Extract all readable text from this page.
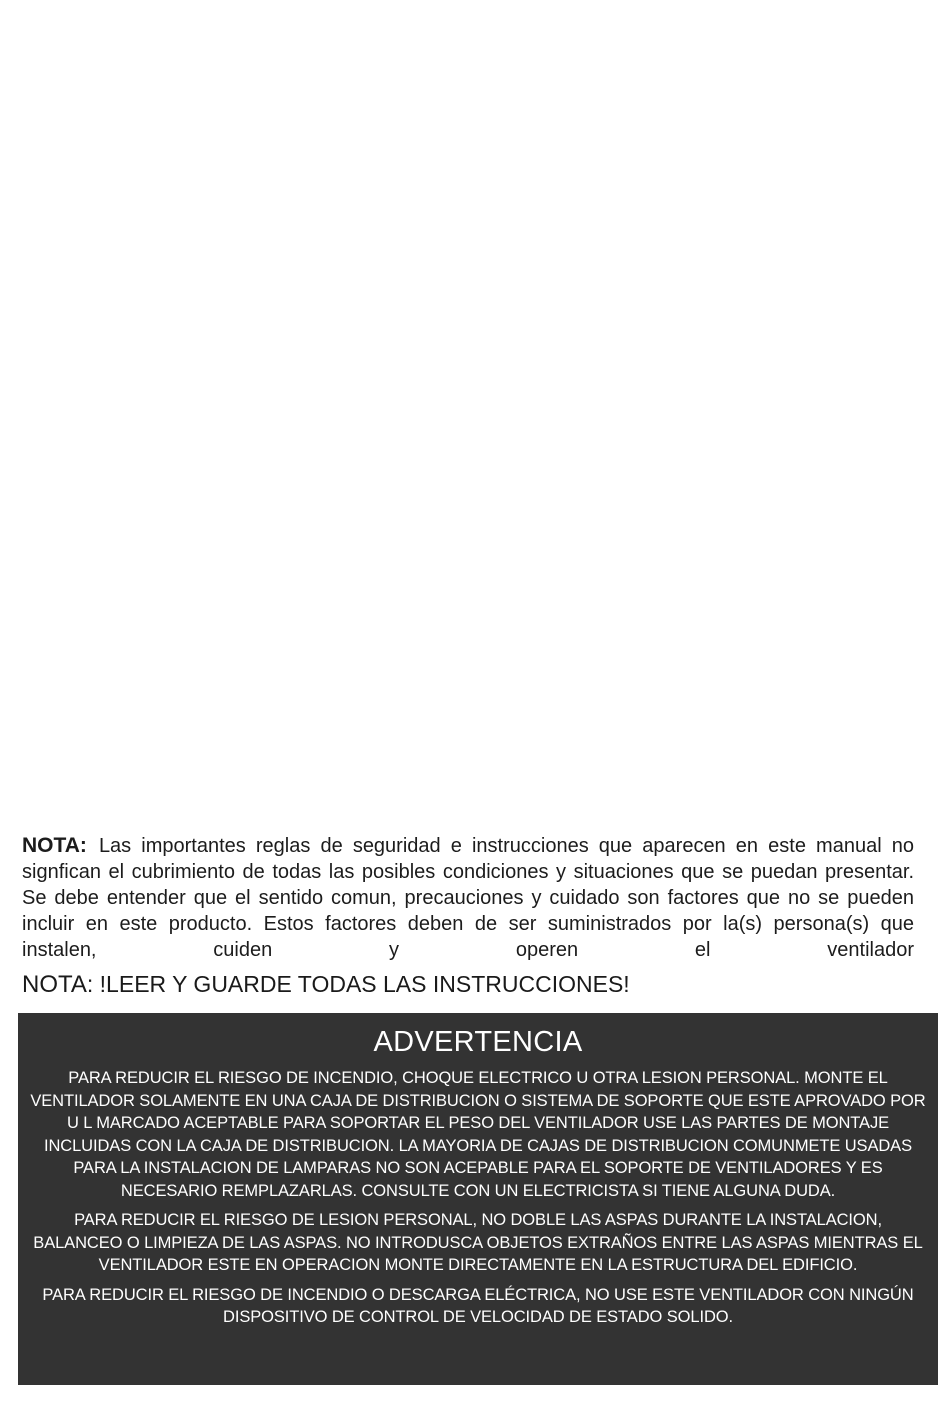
NOTA: Las importantes reglas de seguridad e instrucciones que aparecen en este manual no signfican el cubrimiento de todas las posibles condiciones y situaciones que se puedan presentar. Se debe entender que el sentido comun, precauciones y cuidado son factores que no se pueden incluir en este producto. Estos factores deben de ser suministrados por la(s) persona(s) que instalen, cuiden y operen el ventilador
NOTA: !LEER Y GUARDE TODAS LAS INSTRUCCIONES!
ADVERTENCIA

PARA REDUCIR EL RIESGO DE INCENDIO, CHOQUE ELECTRICO U OTRA LESION PERSONAL. MONTE EL VENTILADOR SOLAMENTE EN UNA CAJA DE DISTRIBUCION O SISTEMA DE SOPORTE QUE ESTE APROVADO POR U L MARCADO ACEPTABLE PARA SOPORTAR EL PESO DEL VENTILADOR USE LAS PARTES DE MONTAJE INCLUIDAS CON LA CAJA DE DISTRIBUCION. LA MAYORIA DE CAJAS DE DISTRIBUCION COMUNMETE USADAS PARA LA INSTALACION DE LAMPARAS NO SON ACEPABLE PARA EL SOPORTE DE VENTILADORES Y ES NECESARIO REMPLAZARLAS. CONSULTE CON UN ELECTRICISTA SI TIENE ALGUNA DUDA.

PARA REDUCIR EL RIESGO DE LESION PERSONAL, NO DOBLE LAS ASPAS DURANTE LA INSTALACION, BALANCEO O LIMPIEZA DE LAS ASPAS. NO INTRODUSCA OBJETOS EXTRAÑOS ENTRE LAS ASPAS MIENTRAS EL VENTILADOR ESTE EN OPERACION MONTE DIRECTAMENTE EN LA ESTRUCTURA DEL EDIFICIO.

PARA REDUCIR EL RIESGO DE INCENDIO O DESCARGA ELÉCTRICA, NO USE ESTE VENTILADOR CON NINGÚN DISPOSITIVO DE CONTROL DE VELOCIDAD DE ESTADO SOLIDO.
